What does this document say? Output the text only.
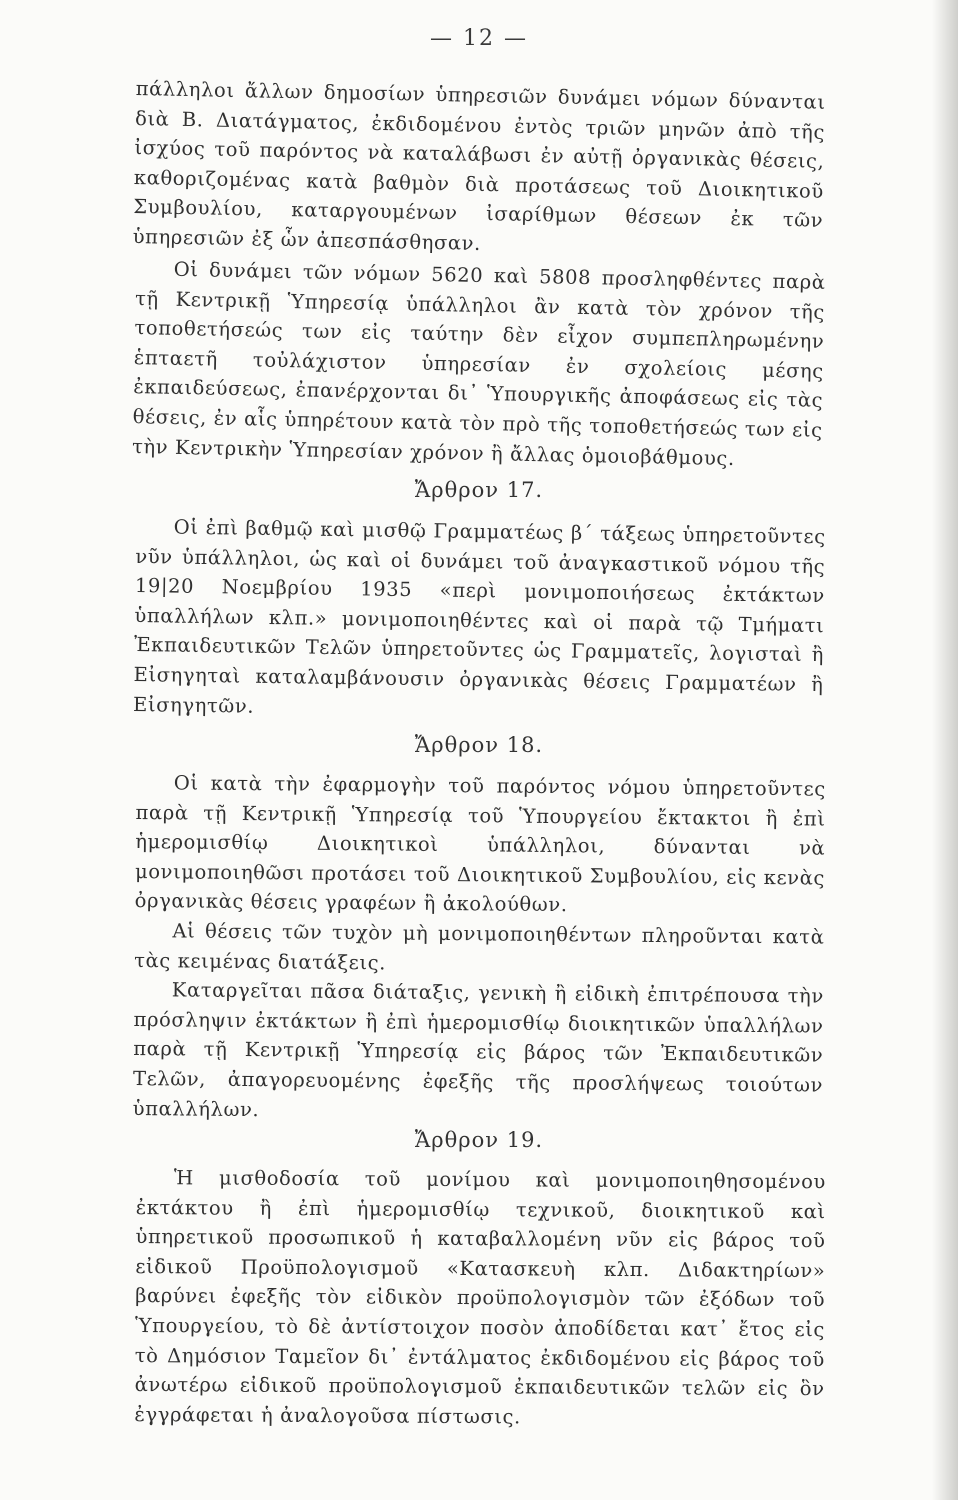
— 12 —

πάλληλοι ἄλλων δημοσίων ὑπηρεσιῶν δυνάμει νόμων δύνανται διὰ Β. Διατάγματος, ἐκδιδομένου ἐντὸς τριῶν μηνῶν ἀπὸ τῆς ἰσχύος τοῦ παρόντος νὰ καταλάβωσι ἐν αὐτῇ ὀργανικὰς θέσεις, καθοριζομένας κατὰ βαθμὸν διὰ προτάσεως τοῦ Διοικητικοῦ Συμβουλίου, καταργουμένων ἰσαρίθμων θέσεων ἐκ τῶν ὑπηρεσιῶν ἐξ ὧν ἀπεσπάσθησαν.

Οἱ δυνάμει τῶν νόμων 5620 καὶ 5808 προσληφθέντες παρὰ τῇ Κεντρικῇ Ὑπηρεσίᾳ ὑπάλληλοι ἂν κατὰ τὸν χρόνον τῆς τοποθετήσεώς των εἰς ταύτην δὲν εἶχον συμπεπληρωμένην ἑπταετῆ τοὐλάχιστον ὑπηρεσίαν ἐν σχολείοις μέσης ἐκπαιδεύσεως, ἐπανέρχονται δι᾿ Ὑπουργικῆς ἀποφάσεως εἰς τὰς θέσεις, ἐν αἷς ὑπηρέτουν κατὰ τὸν πρὸ τῆς τοποθετήσεώς των εἰς τὴν Κεντρικὴν Ὑπηρεσίαν χρόνον ἢ ἄλλας ὁμοιοβάθμους.

Ἄρθρον 17.

Οἱ ἐπὶ βαθμῷ καὶ μισθῷ Γραμματέως β΄ τάξεως ὑπηρετοῦντες νῦν ὑπάλληλοι, ὡς καὶ οἱ δυνάμει τοῦ ἀναγκαστικοῦ νόμου τῆς 19|20 Νοεμβρίου 1935 «περὶ μονιμοποιήσεως ἐκτάκτων ὑπαλλήλων κλπ.» μονιμοποιηθέντες καὶ οἱ παρὰ τῷ Τμήματι Ἐκπαιδευτικῶν Τελῶν ὑπηρετοῦντες ὡς Γραμματεῖς, λογισταὶ ἢ Εἰσηγηταὶ καταλαμβάνουσιν ὀργανικὰς θέσεις Γραμματέων ἢ Εἰσηγητῶν.

Ἄρθρον 18.

Οἱ κατὰ τὴν ἐφαρμογὴν τοῦ παρόντος νόμου ὑπηρετοῦντες παρὰ τῇ Κεντρικῇ Ὑπηρεσίᾳ τοῦ Ὑπουργείου ἔκτακτοι ἢ ἐπὶ ἡμερομισθίῳ Διοικητικοὶ ὑπάλληλοι, δύνανται νὰ μονιμοποιηθῶσι προτάσει τοῦ Διοικητικοῦ Συμβουλίου, εἰς κενὰς ὀργανικὰς θέσεις γραφέων ἢ ἀκολούθων.

Αἱ θέσεις τῶν τυχὸν μὴ μονιμοποιηθέντων πληροῦνται κατὰ τὰς κειμένας διατάξεις.

Καταργεῖται πᾶσα διάταξις, γενικὴ ἢ εἰδικὴ ἐπιτρέπουσα τὴν πρόσληψιν ἐκτάκτων ἢ ἐπὶ ἡμερομισθίῳ διοικητικῶν ὑπαλλήλων παρὰ τῇ Κεντρικῇ Ὑπηρεσίᾳ εἰς βάρος τῶν Ἐκπαιδευτικῶν Τελῶν, ἀπαγορευομένης ἐφεξῆς τῆς προσλήψεως τοιούτων ὑπαλλήλων.

Ἄρθρον 19.

Ἡ μισθοδοσία τοῦ μονίμου καὶ μονιμοποιηθησομένου ἐκτάκτου ἢ ἐπὶ ἡμερομισθίῳ τεχνικοῦ, διοικητικοῦ καὶ ὑπηρετικοῦ προσωπικοῦ ἡ καταβαλλομένη νῦν εἰς βάρος τοῦ εἰδικοῦ Προϋπολογισμοῦ «Κατασκευὴ κλπ. Διδακτηρίων» βαρύνει ἐφεξῆς τὸν εἰδικὸν προϋπολογισμὸν τῶν ἐξόδων τοῦ Ὑπουργείου, τὸ δὲ ἀντίστοιχον ποσὸν ἀποδίδεται κατ᾿ ἔτος εἰς τὸ Δημόσιον Ταμεῖον δι᾿ ἐντάλματος ἐκδιδομένου εἰς βάρος τοῦ ἀνωτέρω εἰδικοῦ προϋπολογισμοῦ ἐκπαιδευτικῶν τελῶν εἰς ὃν ἐγγράφεται ἡ ἀναλογοῦσα πίστωσις.
